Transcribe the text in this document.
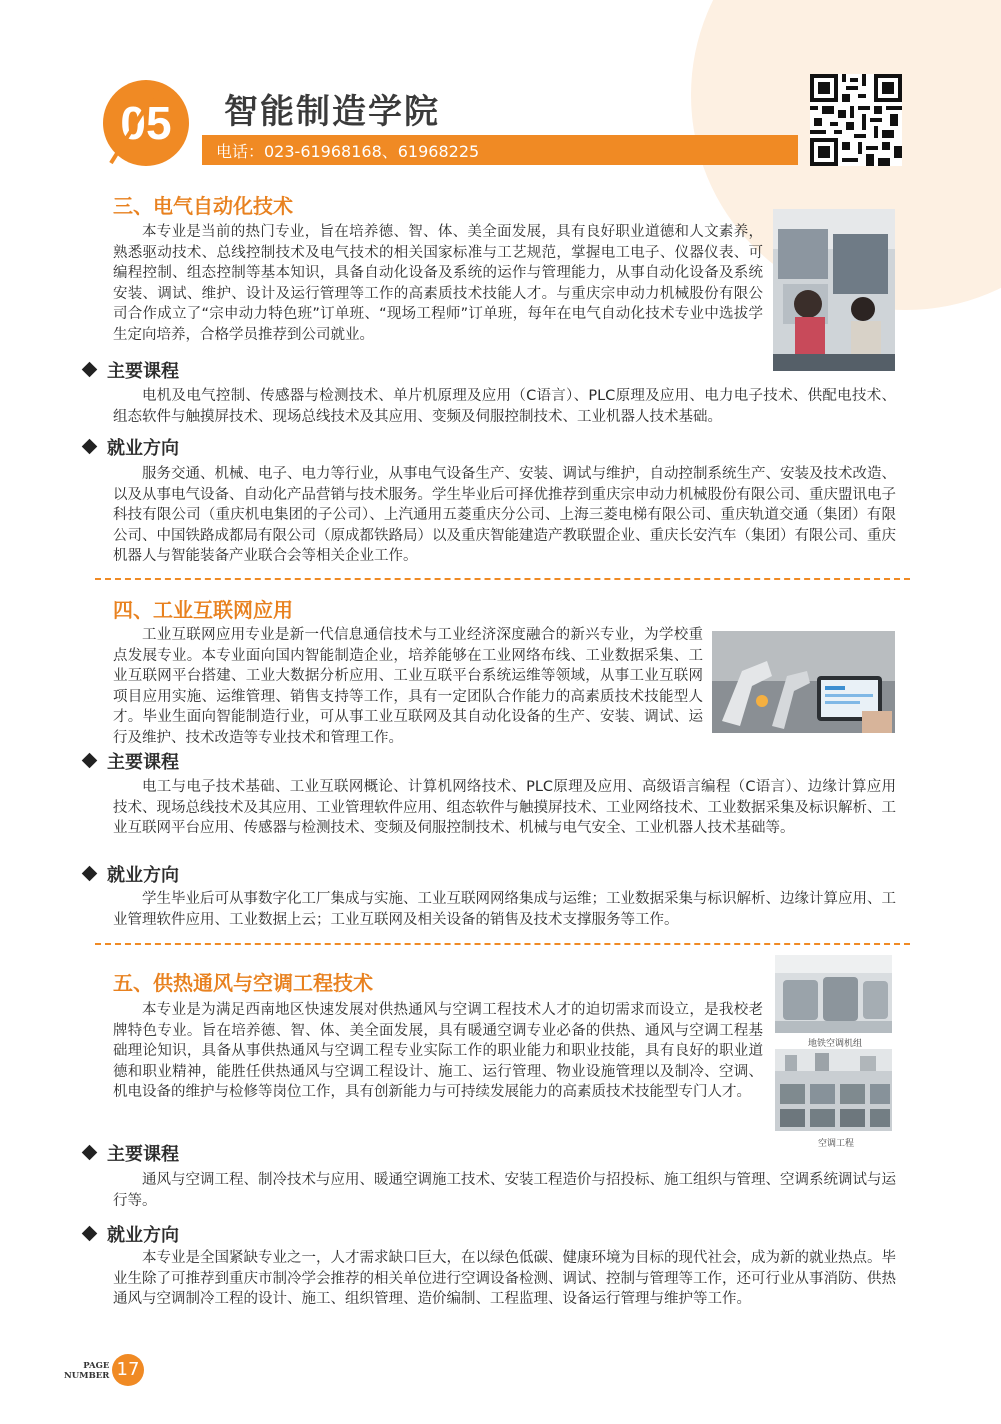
05	智能制造学院
电话：023-61968168、61968225
三、电气自动化技术
本专业是当前的热门专业，旨在培养德、智、体、美全面发展，具有良好职业道德和人文素养，熟悉驱动技术、总线控制技术及电气技术的相关国家标准与工艺规范，掌握电工电子、仪器仪表、可编程控制、组态控制等基本知识，具备自动化设备及系统的运作与管理能力，从事自动化设备及系统安装、调试、维护、设计及运行管理等工作的高素质技术技能人才。与重庆宗申动力机械股份有限公司合作成立了“宗申动力特色班”订单班、“现场工程师”订单班，每年在电气自动化技术专业中选拔学生定向培养，合格学员推荐到公司就业。
主要课程
电机及电气控制、传感器与检测技术、单片机原理及应用（C语言）、PLC原理及应用、电力电子技术、供配电技术、组态软件与触摸屏技术、现场总线技术及其应用、变频及伺服控制技术、工业机器人技术基础。
就业方向
服务交通、机械、电子、电力等行业，从事电气设备生产、安装、调试与维护，自动控制系统生产、安装及技术改造、以及从事电气设备、自动化产品营销与技术服务。学生毕业后可择优推荐到重庆宗申动力机械股份有限公司、重庆盟讯电子科技有限公司（重庆机电集团的子公司）、上汽通用五菱重庆分公司、上海三菱电梯有限公司、重庆轨道交通（集团）有限公司、中国铁路成都局有限公司（原成都铁路局）以及重庆智能建造产教联盟企业、重庆长安汽车（集团）有限公司、重庆机器人与智能装备产业联合会等相关企业工作。
四、工业互联网应用
工业互联网应用专业是新一代信息通信技术与工业经济深度融合的新兴专业，为学校重点发展专业。本专业面向国内智能制造企业，培养能够在工业网络布线、工业数据采集、工业互联网平台搭建、工业大数据分析应用、工业互联平台系统运维等领域，从事工业互联网项目应用实施、运维管理、销售支持等工作，具有一定团队合作能力的高素质技术技能型人才。毕业生面向智能制造行业，可从事工业互联网及其自动化设备的生产、安装、调试、运行及维护、技术改造等专业技术和管理工作。
主要课程
电工与电子技术基础、工业互联网概论、计算机网络技术、PLC原理及应用、高级语言编程（C语言）、边缘计算应用技术、现场总线技术及其应用、工业管理软件应用、组态软件与触摸屏技术、工业网络技术、工业数据采集及标识解析、工业互联网平台应用、传感器与检测技术、变频及伺服控制技术、机械与电气安全、工业机器人技术基础等。
就业方向
学生毕业后可从事数字化工厂集成与实施、工业互联网网络集成与运维；工业数据采集与标识解析、边缘计算应用、工业管理软件应用、工业数据上云；工业互联网及相关设备的销售及技术支撑服务等工作。
五、供热通风与空调工程技术
本专业是为满足西南地区快速发展对供热通风与空调工程技术人才的迫切需求而设立，是我校老牌特色专业。旨在培养德、智、体、美全面发展，具有暖通空调专业必备的供热、通风与空调工程基础理论知识，具备从事供热通风与空调工程专业实际工作的职业能力和职业技能，具有良好的职业道德和职业精神，能胜任供热通风与空调工程设计、施工、运行管理、物业设施管理以及制冷、空调、机电设备的维护与检修等岗位工作，具有创新能力与可持续发展能力的高素质技术技能型专门人才。
地铁空调机组
空调工程
主要课程
通风与空调工程、制冷技术与应用、暖通空调施工技术、安装工程造价与招投标、施工组织与管理、空调系统调试与运行等。
就业方向
本专业是全国紧缺专业之一，人才需求缺口巨大，在以绿色低碳、健康环境为目标的现代社会，成为新的就业热点。毕业生除了可推荐到重庆市制冷学会推荐的相关单位进行空调设备检测、调试、控制与管理等工作，还可行业从事消防、供热通风与空调制冷工程的设计、施工、组织管理、造价编制、工程监理、设备运行管理与维护等工作。
PAGE
NUMBER 17
